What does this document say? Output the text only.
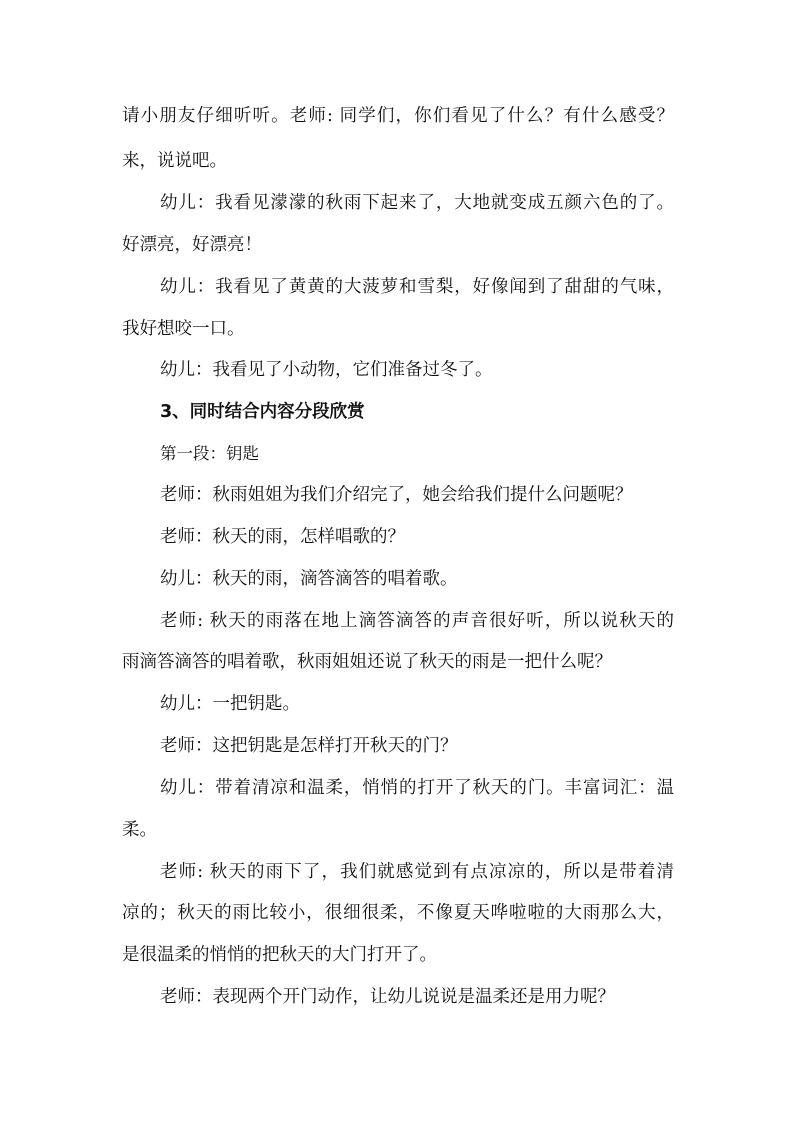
请小朋友仔细听听。老师: 同学们，你们看见了什么？有什么感受？
来，说说吧。
幼儿：我看见濛濛的秋雨下起来了，大地就变成五颜六色的了。
好漂亮，好漂亮！
幼儿：我看见了黄黄的大菠萝和雪梨，好像闻到了甜甜的气味，
我好想咬一口。
幼儿：我看见了小动物，它们准备过冬了。
3、同时结合内容分段欣赏
第一段：钥匙
老师：秋雨姐姐为我们介绍完了，她会给我们提什么问题呢？
老师：秋天的雨，怎样唱歌的？
幼儿：秋天的雨，滴答滴答的唱着歌。
老师: 秋天的雨落在地上滴答滴答的声音很好听，所以说秋天的
雨滴答滴答的唱着歌，秋雨姐姐还说了秋天的雨是一把什么呢？
幼儿：一把钥匙。
老师：这把钥匙是怎样打开秋天的门？
幼儿：带着清凉和温柔，悄悄的打开了秋天的门。丰富词汇：温
柔。
老师: 秋天的雨下了，我们就感觉到有点凉凉的，所以是带着清
凉的；秋天的雨比较小，很细很柔，不像夏天哗啦啦的大雨那么大，
是很温柔的悄悄的把秋天的大门打开了。
老师：表现两个开门动作，让幼儿说说是温柔还是用力呢？
